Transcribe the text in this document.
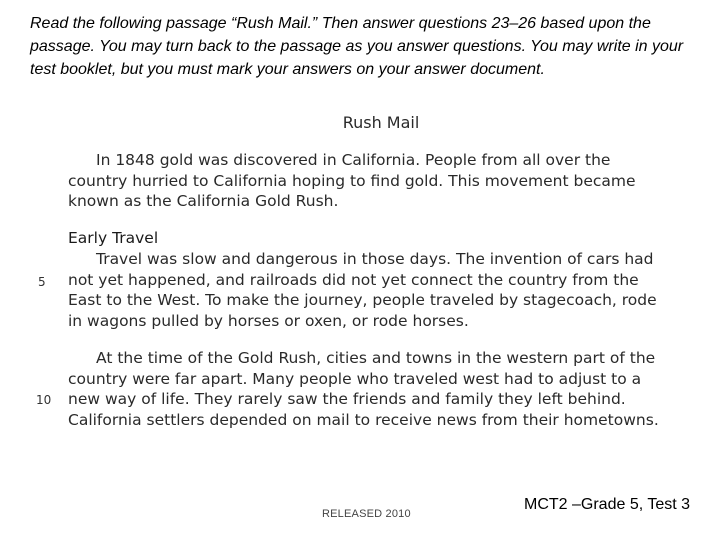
Read the following passage “Rush Mail.” Then answer questions 23–26 based upon the passage. You may turn back to the passage as you answer questions. You may write in your test booklet, but you must mark your answers on your answer document.
Rush Mail

In 1848 gold was discovered in California. People from all over the

country hurried to California hoping to find gold. This movement became

known as the California Gold Rush.

Early Travel

Travel was slow and dangerous in those days. The invention of cars had

not yet happened, and railroads did not yet connect the country from the

East to the West. To make the journey, people traveled by stagecoach, rode

in wagons pulled by horses or oxen, or rode horses.

5

At the time of the Gold Rush, cities and towns in the western part of the

country were far apart. Many people who traveled west had to adjust to a

new way of life. They rarely saw the friends and family they left behind.

California settlers depended on mail to receive news from their hometowns.

10
RELEASED 2010
MCT2 –Grade 5, Test 3
